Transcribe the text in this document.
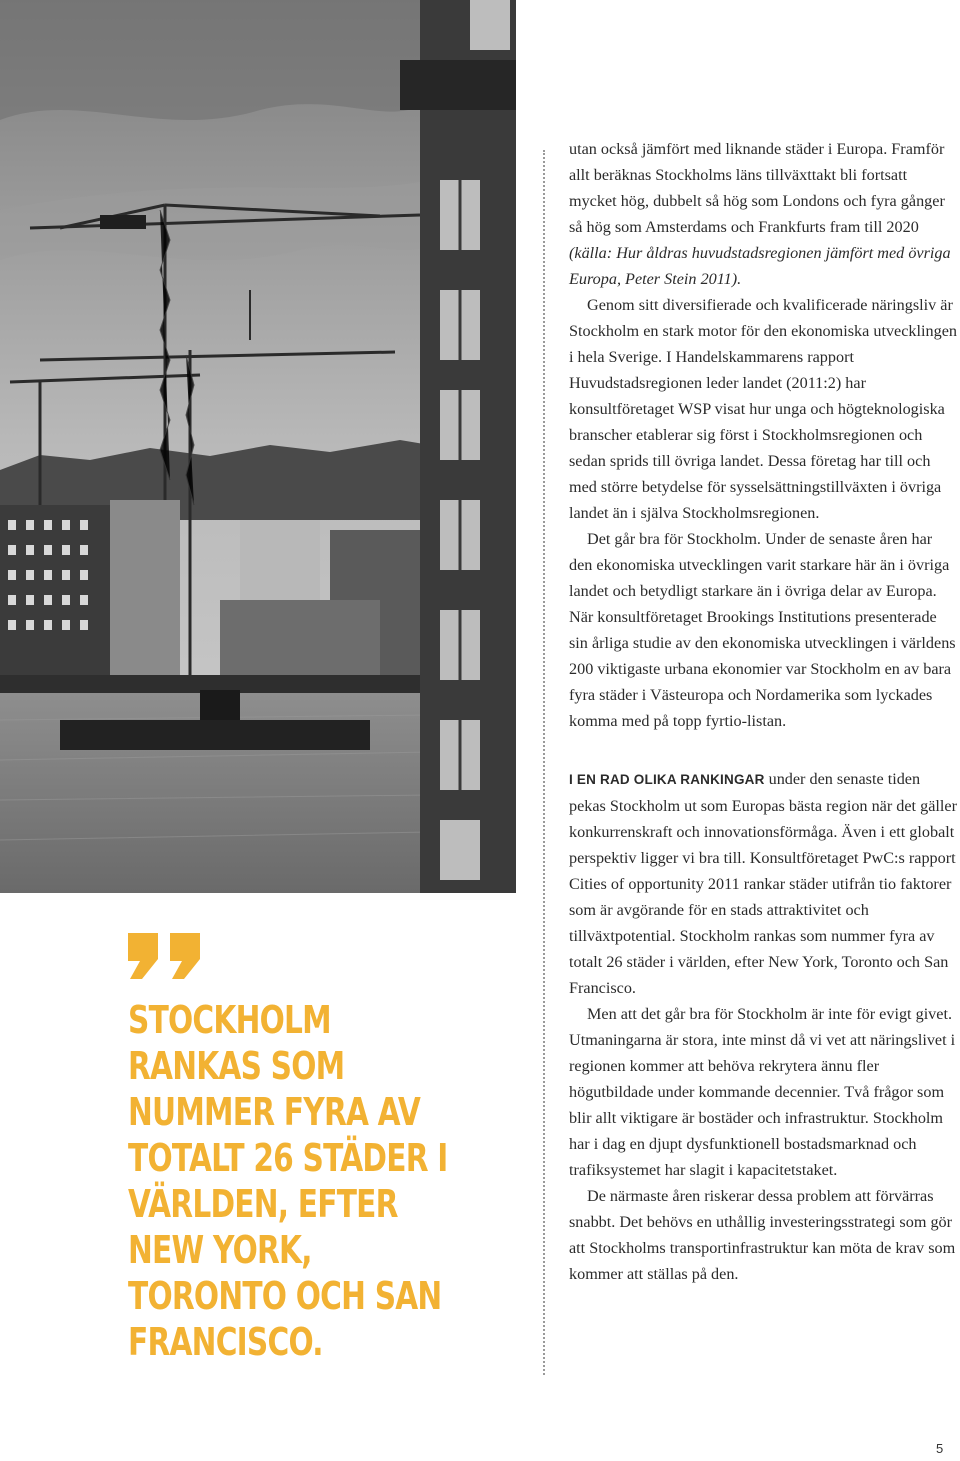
STOCKHOLM RANKAS SOM NUMMER FYRA AV TOTALT 26 STÄDER I VÄRLDEN, EFTER NEW YORK, TORONTO OCH SAN FRANCISCO.

utan också jämfört med liknande städer i Europa. Framför allt beräknas Stockholms läns tillväxttakt bli fortsatt mycket hög, dubbelt så hög som Londons och fyra gånger så hög som Amsterdams och Frankfurts fram till 2020 (källa: Hur åldras huvudstadsregionen jämfört med övriga Europa, Peter Stein 2011).

Genom sitt diversifierade och kvalificerade näringsliv är Stockholm en stark motor för den ekonomiska utvecklingen i hela Sverige. I Handelskammarens rapport Huvudstadsregionen leder landet (2011:2) har konsultföretaget WSP visat hur unga och högteknologiska branscher etablerar sig först i Stockholmsregionen och sedan sprids till övriga landet. Dessa företag har till och med större betydelse för sysselsättningstillväxten i övriga landet än i själva Stockholmsregionen.

Det går bra för Stockholm. Under de senaste åren har den ekonomiska utvecklingen varit starkare här än i övriga landet och betydligt starkare än i övriga delar av Europa. När konsultföretaget Brookings Institutions presenterade sin årliga studie av den ekonomiska utvecklingen i världens 200 viktigaste urbana ekonomier var Stockholm en av bara fyra städer i Västeuropa och Nordamerika som lyckades komma med på topp fyrtio-listan.

I EN RAD OLIKA RANKINGAR under den senaste tiden pekas Stockholm ut som Europas bästa region när det gäller konkurrenskraft och innovationsförmåga. Även i ett globalt perspektiv ligger vi bra till. Konsultföretaget PwC:s rapport Cities of opportunity 2011 rankar städer utifrån tio faktorer som är avgörande för en stads attraktivitet och tillväxtpotential. Stockholm rankas som nummer fyra av totalt 26 städer i världen, efter New York, Toronto och San Francisco.

Men att det går bra för Stockholm är inte för evigt givet. Utmaningarna är stora, inte minst då vi vet att näringslivet i regionen kommer att behöva rekrytera ännu fler högutbildade under kommande decennier. Två frågor som blir allt viktigare är bostäder och infrastruktur. Stockholm har i dag en djupt dysfunktionell bostadsmarknad och trafiksystemet har slagit i kapacitetstaket.

De närmaste åren riskerar dessa problem att förvärras snabbt. Det behövs en uthållig investeringsstrategi som gör att Stockholms transportinfrastruktur kan möta de krav som kommer att ställas på den.

5
